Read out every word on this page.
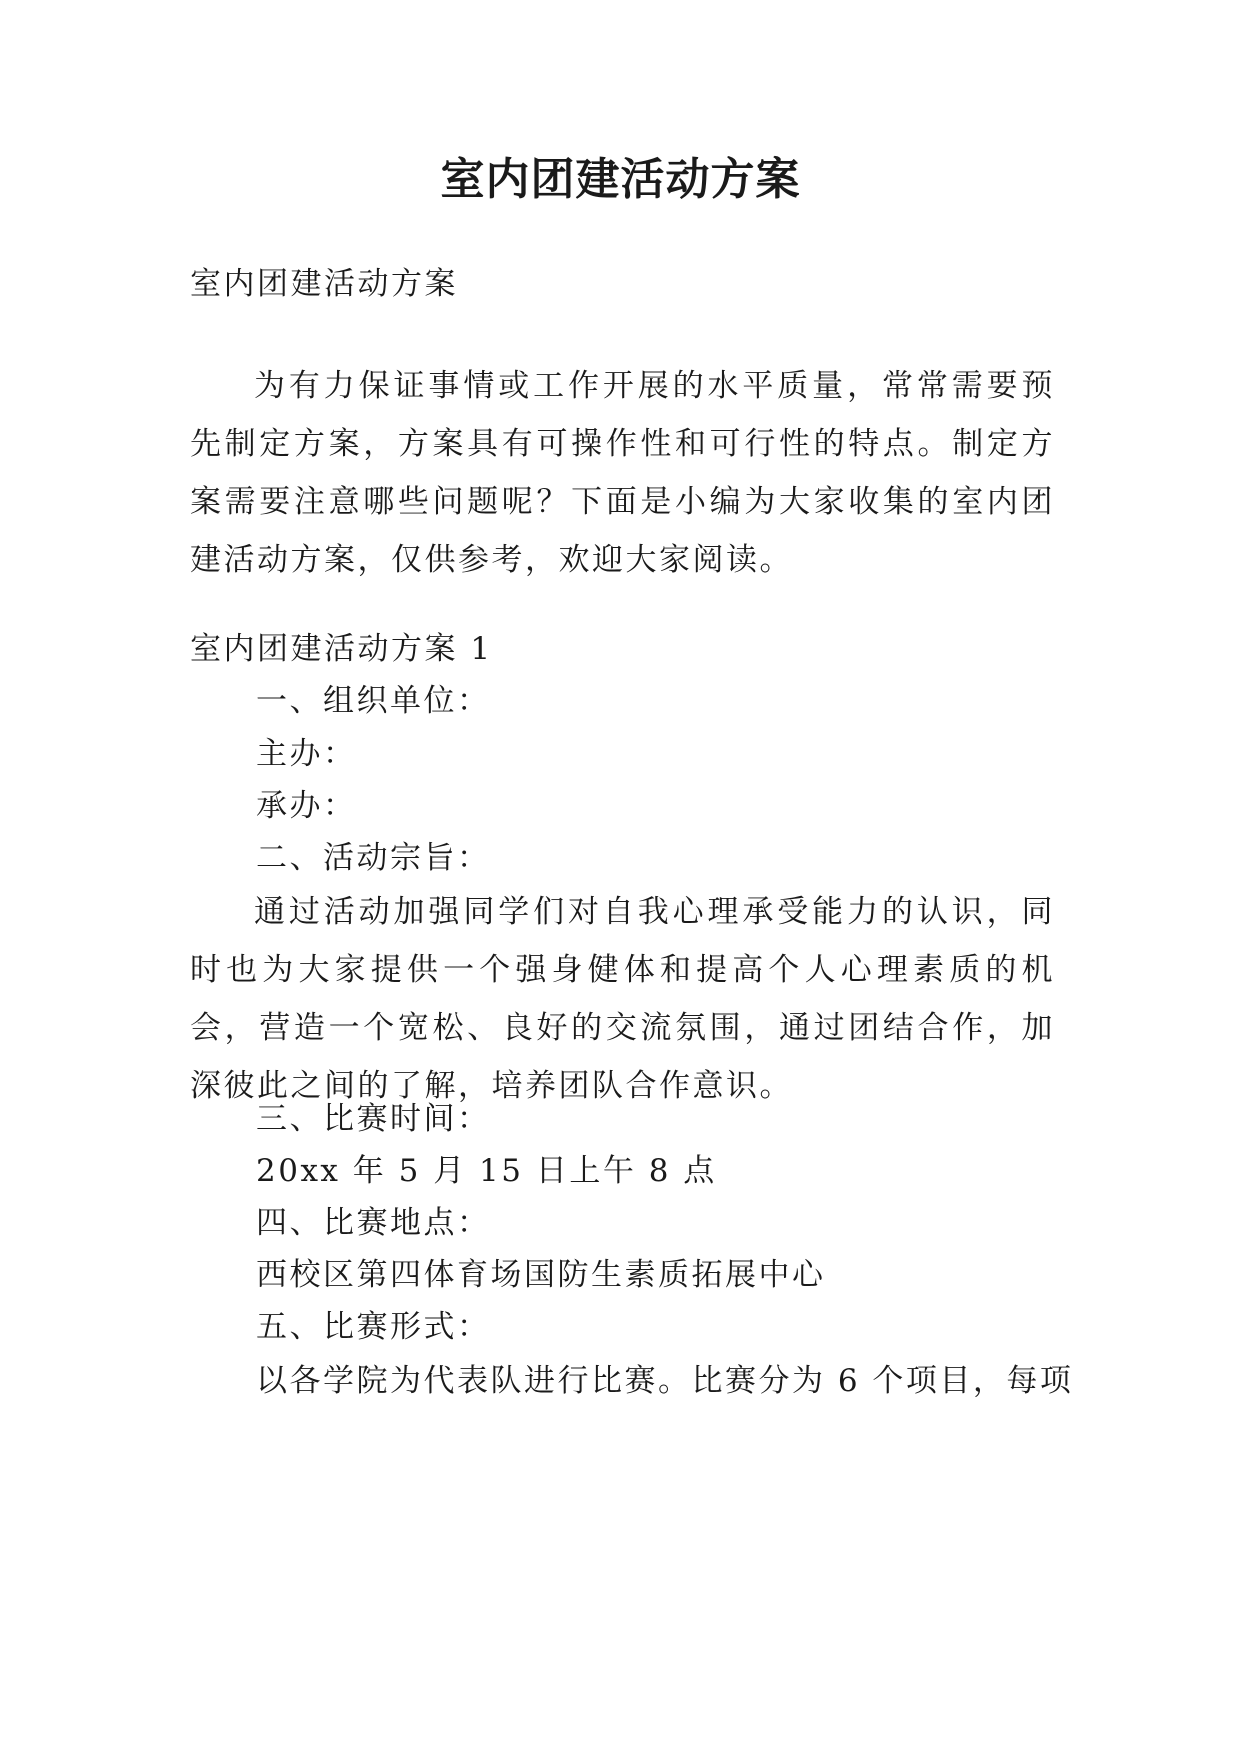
室内团建活动方案

室内团建活动方案

为有力保证事情或工作开展的水平质量，常常需要预先制定方案，方案具有可操作性和可行性的特点。制定方案需要注意哪些问题呢？下面是小编为大家收集的室内团建活动方案，仅供参考，欢迎大家阅读。

室内团建活动方案 1

一、组织单位：

主办：

承办：

二、活动宗旨：

通过活动加强同学们对自我心理承受能力的认识，同时也为大家提供一个强身健体和提高个人心理素质的机会，营造一个宽松、良好的交流氛围，通过团结合作，加深彼此之间的了解，培养团队合作意识。

三、比赛时间：

20xx 年 5 月 15 日上午 8 点

四、比赛地点：

西校区第四体育场国防生素质拓展中心

五、比赛形式：

以各学院为代表队进行比赛。比赛分为 6 个项目，每项
